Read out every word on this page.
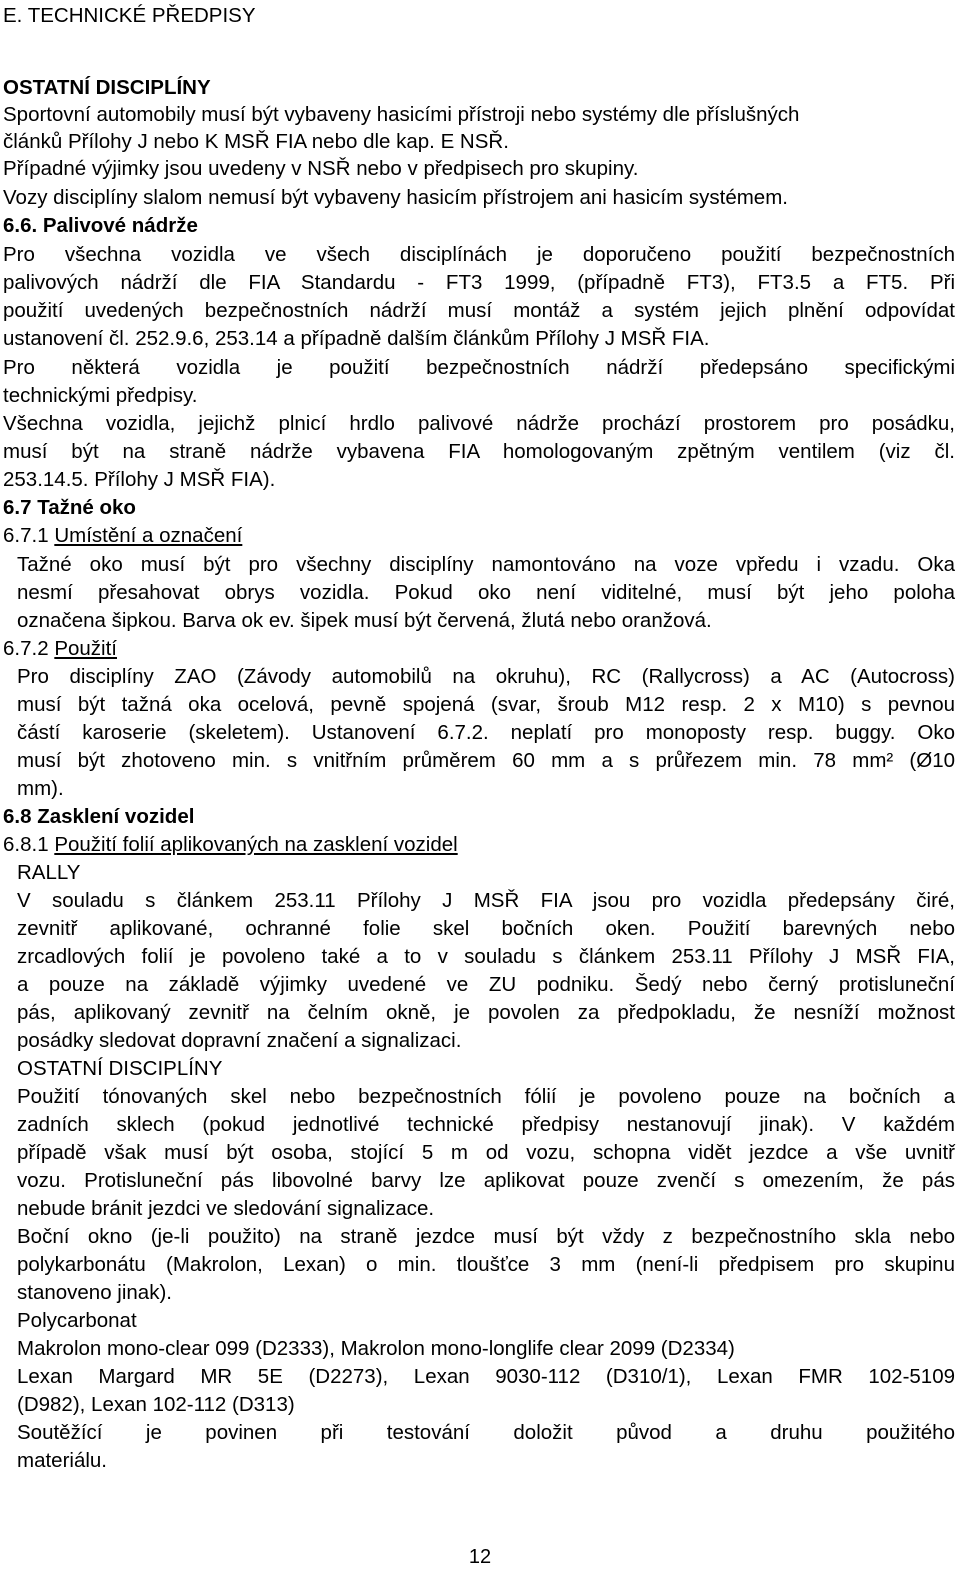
E. TECHNICKÉ PŘEDPISY
OSTATNÍ DISCIPLÍNY
Sportovní automobily musí být vybaveny hasicími přístroji nebo systémy dle příslušných
článků Přílohy J nebo K MSŘ FIA nebo dle kap. E NSŘ.
Případné výjimky jsou uvedeny v NSŘ nebo v předpisech pro skupiny.
Vozy disciplíny slalom nemusí být vybaveny hasicím přístrojem ani hasicím systémem.
6.6. Palivové nádrže
Pro všechna vozidla ve všech disciplínách je doporučeno použití bezpečnostních
palivových nádrží dle FIA Standardu - FT3 1999, (případně FT3), FT3.5 a FT5. Při
použití uvedených bezpečnostních nádrží musí montáž a systém jejich plnění odpovídat
ustanovení čl. 252.9.6, 253.14 a případně dalším článkům Přílohy J MSŘ FIA.
Pro některá vozidla je použití bezpečnostních nádrží předepsáno specifickými
technickými předpisy.
Všechna vozidla, jejichž plnicí hrdlo palivové nádrže prochází prostorem pro posádku,
musí být na straně nádrže vybavena FIA homologovaným zpětným ventilem (viz čl.
253.14.5. Přílohy J MSŘ FIA).
6.7 Tažné oko
6.7.1 Umístění a označení
Tažné oko musí být pro všechny disciplíny namontováno na voze vpředu i vzadu. Oka
nesmí přesahovat obrys vozidla. Pokud oko není viditelné, musí být jeho poloha
označena šipkou. Barva ok ev. šipek musí být červená, žlutá nebo oranžová.
6.7.2 Použití
Pro disciplíny ZAO (Závody automobilů na okruhu), RC (Rallycross) a AC (Autocross)
musí být tažná oka ocelová, pevně spojená (svar, šroub M12 resp. 2 x M10) s pevnou
částí karoserie (skeletem). Ustanovení 6.7.2. neplatí pro monoposty resp. buggy. Oko
musí být zhotoveno min. s vnitřním průměrem 60 mm a s průřezem min. 78 mm² (Ø10
mm).
6.8 Zasklení vozidel
6.8.1 Použití folií aplikovaných na zasklení vozidel
RALLY
V souladu s článkem 253.11 Přílohy J MSŘ FIA jsou pro vozidla předepsány čiré,
zevnitř aplikované, ochranné folie skel bočních oken. Použití barevných nebo
zrcadlových folií je povoleno také a to v souladu s článkem 253.11 Přílohy J MSŘ FIA,
a pouze na základě výjimky uvedené ve ZU podniku. Šedý nebo černý protisluneční
pás, aplikovaný zevnitř na čelním okně, je povolen za předpokladu, že nesníží možnost
posádky sledovat dopravní značení a signalizaci.
OSTATNÍ DISCIPLÍNY
Použití tónovaných skel nebo bezpečnostních fólií je povoleno pouze na bočních a
zadních sklech (pokud jednotlivé technické předpisy nestanovují jinak). V každém
případě však musí být osoba, stojící 5 m od vozu, schopna vidět jezdce a vše uvnitř
vozu. Protisluneční pás libovolné barvy lze aplikovat pouze zvenčí s omezením, že pás
nebude bránit jezdci ve sledování signalizace.
Boční okno (je-li použito) na straně jezdce musí být vždy z bezpečnostního skla nebo
polykarbonátu (Makrolon, Lexan) o min. tloušťce 3 mm (není-li předpisem pro skupinu
stanoveno jinak).
Polycarbonat
Makrolon mono-clear 099 (D2333), Makrolon mono-longlife clear 2099 (D2334)
Lexan Margard MR 5E (D2273), Lexan 9030-112 (D310/1), Lexan FMR 102-5109
(D982), Lexan 102-112 (D313)
Soutěžící je povinen při testování doložit původ a druhu použitého
materiálu.
12
